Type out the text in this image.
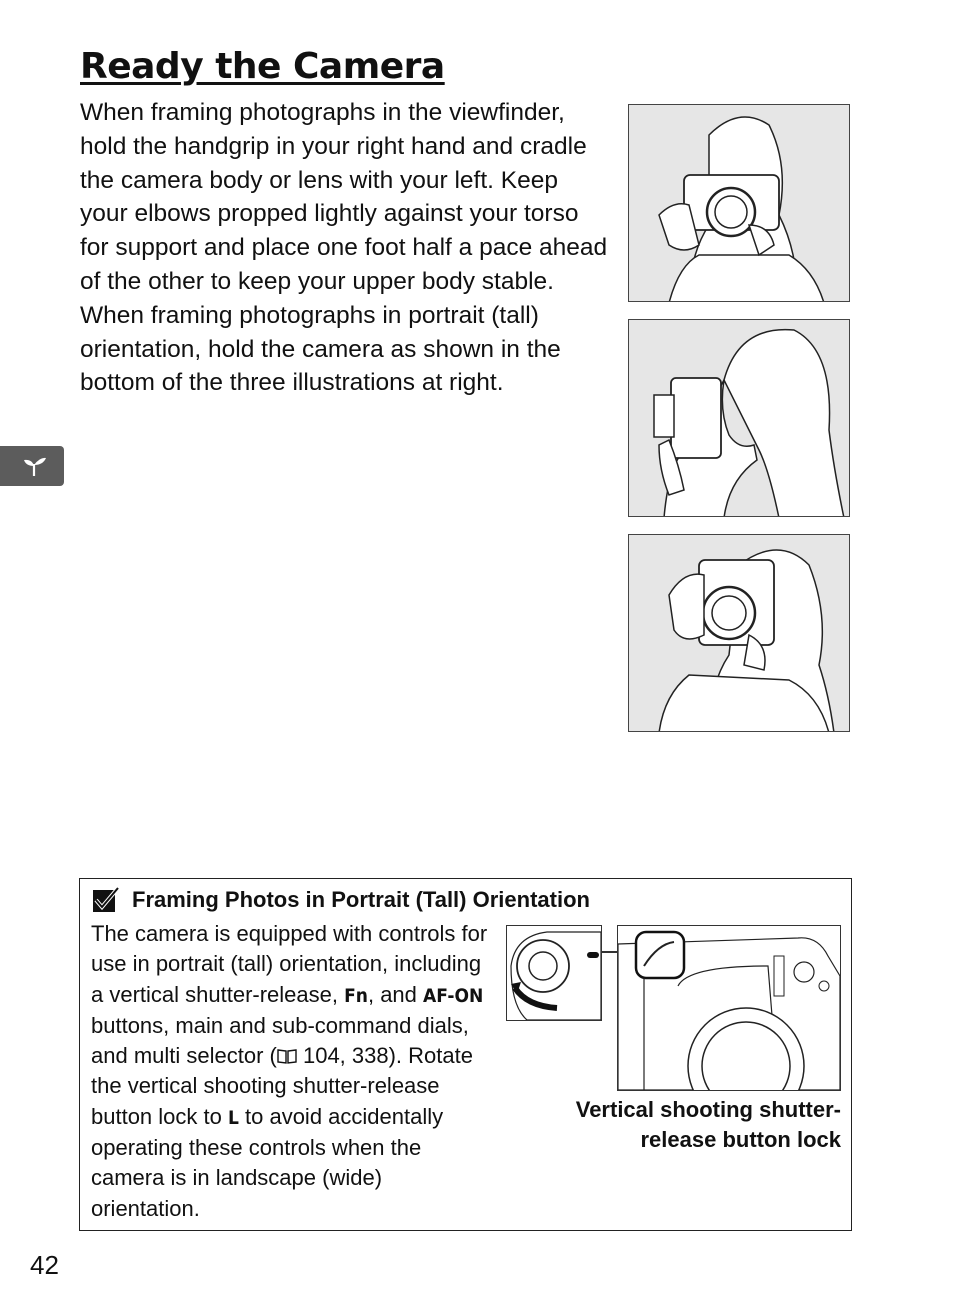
Ready the Camera

When framing photographs in the viewfinder, hold the handgrip in your right hand and cradle the camera body or lens with your left. Keep your elbows propped lightly against your torso for support and place one foot half a pace ahead of the other to keep your upper body stable. When framing photographs in portrait (tall) orientation, hold the camera as shown in the bottom of the three illustrations at right.

Framing Photos in Portrait (Tall) Orientation

The camera is equipped with controls for use in portrait (tall) orientation, including a vertical shutter-release, Fn, and AF-ON buttons, main and sub-command dials, and multi selector ( 104, 338). Rotate the vertical shooting shutter-release button lock to L to avoid accidentally operating these controls when the camera is in landscape (wide) orientation.

Vertical shooting shutter-
release button lock

42
